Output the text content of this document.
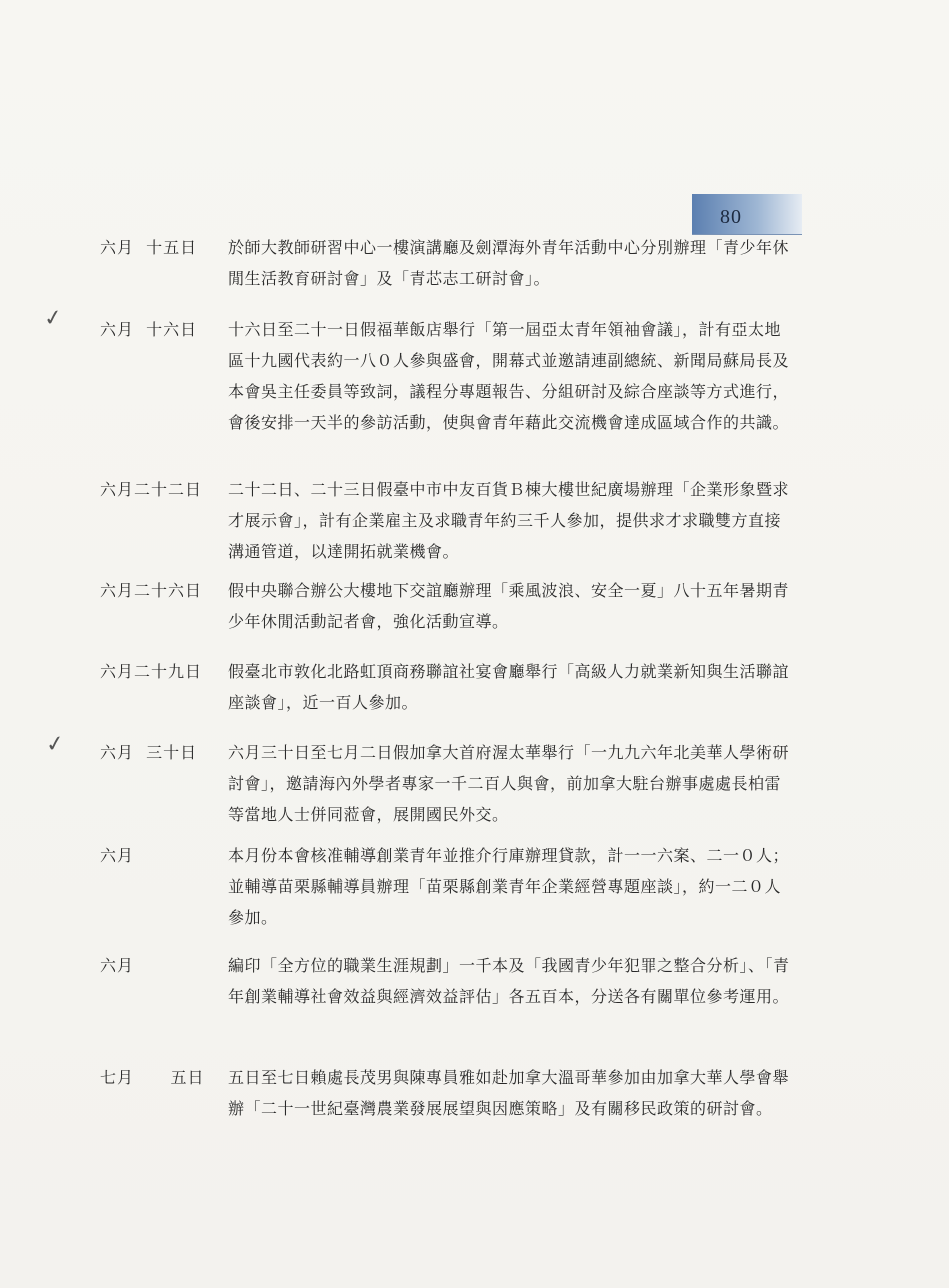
80
✓
✓
六月  十五日	於師大教師研習中心一樓演講廳及劍潭海外青年活動中心分別辦理「青少年休閒生活教育研討會」及「青芯志工研討會」。
六月  十六日	十六日至二十一日假福華飯店舉行「第一屆亞太青年領袖會議」，計有亞太地區十九國代表約一八０人參與盛會，開幕式並邀請連副總統、新聞局蘇局長及本會吳主任委員等致詞，議程分專題報告、分組研討及綜合座談等方式進行，會後安排一天半的參訪活動，使與會青年藉此交流機會達成區域合作的共識。
六月二十二日	二十二日、二十三日假臺中市中友百貨Ｂ棟大樓世紀廣場辦理「企業形象暨求才展示會」，計有企業雇主及求職青年約三千人參加，提供求才求職雙方直接溝通管道，以達開拓就業機會。
六月二十六日	假中央聯合辦公大樓地下交誼廳辦理「乘風波浪、安全一夏」八十五年暑期青少年休閒活動記者會，強化活動宣導。
六月二十九日	假臺北市敦化北路虹頂商務聯誼社宴會廳舉行「高級人力就業新知與生活聯誼座談會」，近一百人參加。
六月  三十日	六月三十日至七月二日假加拿大首府渥太華舉行「一九九六年北美華人學術研討會」，邀請海內外學者專家一千二百人與會，前加拿大駐台辦事處處長柏雷等當地人士併同蒞會，展開國民外交。
六月	本月份本會核准輔導創業青年並推介行庫辦理貸款，計一一六案、二一０人；並輔導苗栗縣輔導員辦理「苗栗縣創業青年企業經營專題座談」，約一二０人參加。
六月	編印「全方位的職業生涯規劃」一千本及「我國青少年犯罪之整合分析」、「青年創業輔導社會效益與經濟效益評估」各五百本，分送各有關單位參考運用。
七月      五日	五日至七日賴處長茂男與陳專員雅如赴加拿大溫哥華參加由加拿大華人學會舉辦「二十一世紀臺灣農業發展展望與因應策略」及有關移民政策的研討會。
